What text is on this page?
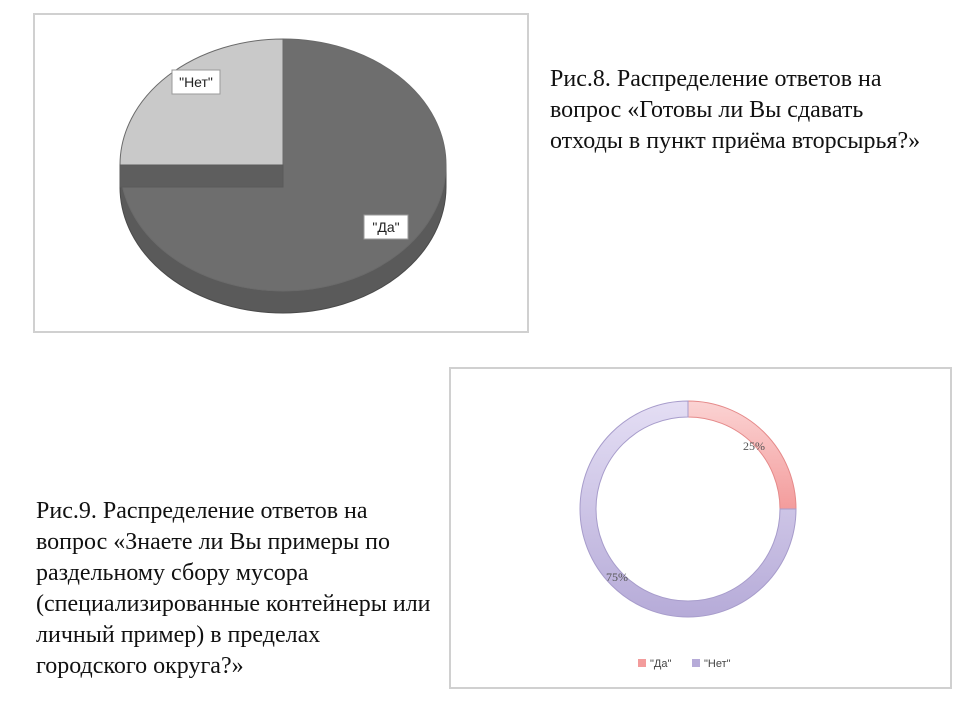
"Нет"
"Да"
Рис.8. Распределение ответов на вопрос «Готовы ли Вы сдавать отходы в пункт приёма вторсырья?»
25%
75%
"Да"	"Нет"
Рис.9. Распределение ответов на вопрос «Знаете ли Вы примеры по раздельному сбору мусора (специализированные контейнеры или личный пример) в пределах городского округа?»
